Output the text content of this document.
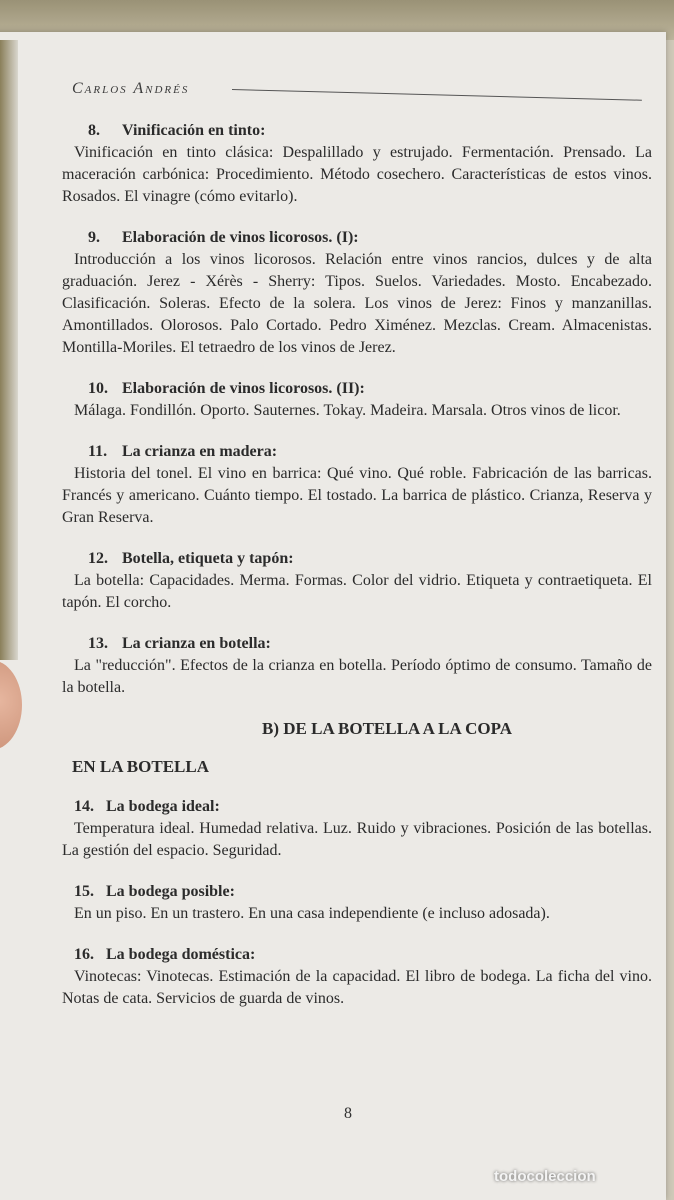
Carlos Andrés
8. Vinificación en tinto:
Vinificación en tinto clásica: Despalillado y estrujado. Fermentación. Prensado. La maceración carbónica: Procedimiento. Método cosechero. Características de estos vinos. Rosados. El vinagre (cómo evitarlo).
9. Elaboración de vinos licorosos. (I):
Introducción a los vinos licorosos. Relación entre vinos rancios, dulces y de alta graduación. Jerez - Xérès - Sherry: Tipos. Suelos. Variedades. Mosto. Encabezado. Clasificación. Soleras. Efecto de la solera. Los vinos de Jerez: Finos y manzanillas. Amontillados. Olorosos. Palo Cortado. Pedro Ximénez. Mezclas. Cream. Almacenistas. Montilla-Moriles. El tetraedro de los vinos de Jerez.
10. Elaboración de vinos licorosos. (II):
Málaga. Fondillón. Oporto. Sauternes. Tokay. Madeira. Marsala. Otros vinos de licor.
11. La crianza en madera:
Historia del tonel. El vino en barrica: Qué vino. Qué roble. Fabricación de las barricas. Francés y americano. Cuánto tiempo. El tostado. La barrica de plástico. Crianza, Reserva y Gran Reserva.
12. Botella, etiqueta y tapón:
La botella: Capacidades. Merma. Formas. Color del vidrio. Etiqueta y contraetiqueta. El tapón. El corcho.
13. La crianza en botella:
La "reducción". Efectos de la crianza en botella. Período óptimo de consumo. Tamaño de la botella.
B) DE LA BOTELLA A LA COPA
EN LA BOTELLA
14. La bodega ideal:
Temperatura ideal. Humedad relativa. Luz. Ruido y vibraciones. Posición de las botellas. La gestión del espacio. Seguridad.
15. La bodega posible:
En un piso. En un trastero. En una casa independiente (e incluso adosada).
16. La bodega doméstica:
Vinotecas: Vinotecas. Estimación de la capacidad. El libro de bodega. La ficha del vino. Notas de cata. Servicios de guarda de vinos.
8
todocoleccion
